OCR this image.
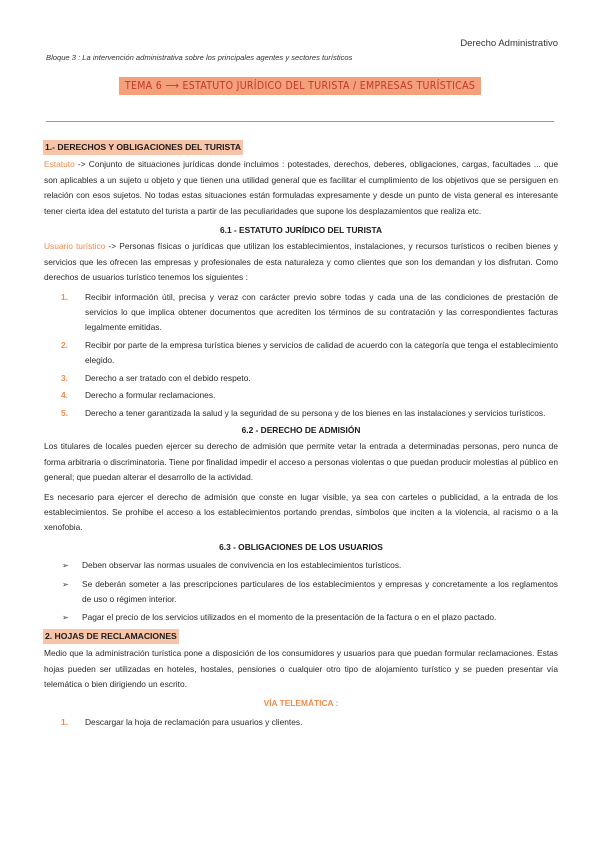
Derecho Administrativo
Bloque 3 : La intervención administrativa sobre los principales agentes y sectores turísticos
TEMA 6 ⟶ ESTATUTO JURÍDICO DEL TURISTA / EMPRESAS TURÍSTICAS
1.- DERECHOS Y OBLIGACIONES DEL TURISTA

Estatuto -> Conjunto de situaciones jurídicas donde incluimos : potestades, derechos, deberes, obligaciones, cargas, facultades ... que son aplicables a un sujeto u objeto y que tienen una utilidad general que es facilitar el cumplimiento de los objetivos que se persiguen en relación con esos sujetos. No todas estas situaciones están formuladas expresamente y desde un punto de vista general es interesante tener cierta idea del estatuto del turista a partir de las peculiaridades que supone los desplazamientos que realiza etc.

6.1 - ESTATUTO JURÍDICO DEL TURISTA

Usuario turístico -> Personas físicas o jurídicas que utilizan los establecimientos, instalaciones, y recursos turísticos o reciben bienes y servicios que les ofrecen las empresas y profesionales de esta naturaleza y como clientes que son los demandan y los disfrutan. Como derechos de usuarios turístico tenemos los siguientes :

1. Recibir información útil, precisa y veraz con carácter previo sobre todas y cada una de las condiciones de prestación de servicios lo que implica obtener documentos que acrediten los términos de su contratación y las correspondientes facturas legalmente emitidas.
2. Recibir por parte de la empresa turística bienes y servicios de calidad de acuerdo con la categoría que tenga el establecimiento elegido.
3. Derecho a ser tratado con el debido respeto.
4. Derecho a formular reclamaciones.
5. Derecho a tener garantizada la salud y la seguridad de su persona y de los bienes en las instalaciones y servicios turísticos.
6.2 - DERECHO DE ADMISIÓN

Los titulares de locales pueden ejercer su derecho de admisión que permite vetar la entrada a determinadas personas, pero nunca de forma arbitraria o discriminatoria. Tiene por finalidad impedir el acceso a personas violentas o que puedan producir molestias al público en general; que puedan alterar el desarrollo de la actividad.

Es necesario para ejercer el derecho de admisión que conste en lugar visible, ya sea con carteles o publicidad, a la entrada de los establecimientos. Se prohibe el acceso a los establecimientos portando prendas, símbolos que inciten a la violencia, al racismo o a la xenofobia.

6.3 - OBLIGACIONES DE LOS USUARIOS
➢ Deben observar las normas usuales de convivencia en los establecimientos turísticos.
➢ Se deberán someter a las prescripciones particulares de los establecimientos y empresas y concretamente a los reglamentos de uso o régimen interior.
➢ Pagar el precio de los servicios utilizados en el momento de la presentación de la factura o en el plazo pactado.
2. HOJAS DE RECLAMACIONES

Medio que la administración turística pone a disposición de los consumidores y usuarios para que puedan formular reclamaciones. Estas hojas pueden ser utilizadas en hoteles, hostales, pensiones o cualquier otro tipo de alojamiento turístico y se pueden presentar vía telemática o bien dirigiendo un escrito.

VÍA TELEMÁTICA :
1. Descargar la hoja de reclamación para usuarios y clientes.
